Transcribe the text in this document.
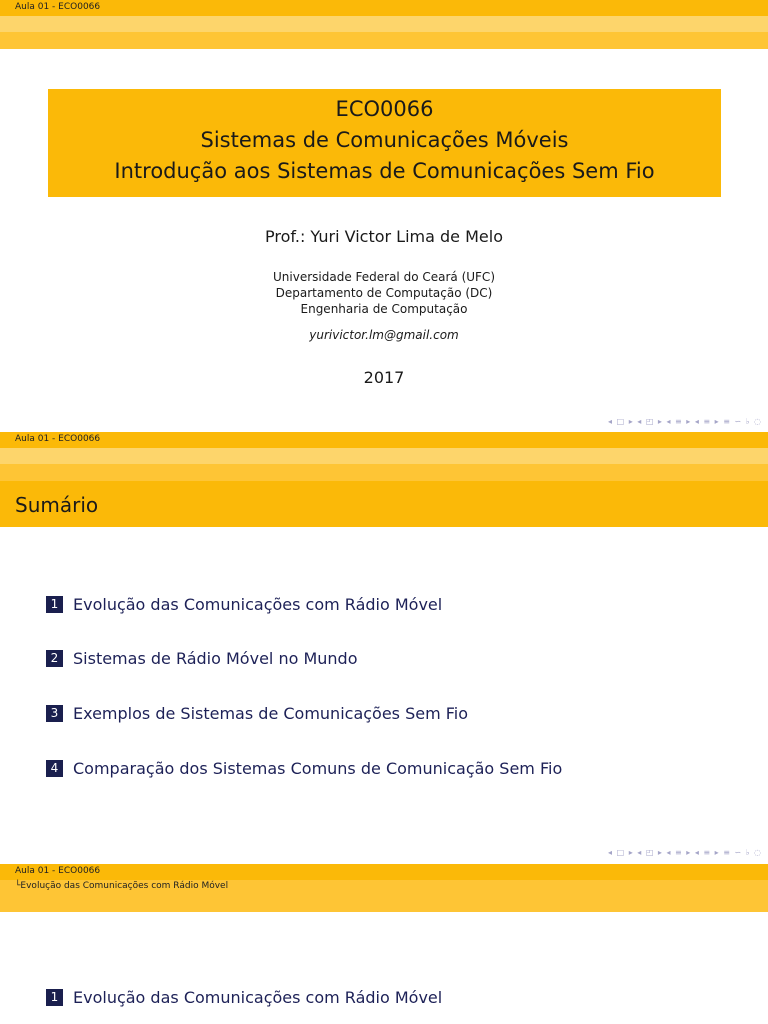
Aula 01 - ECO0066
ECO0066
Sistemas de Comunicações Móveis
Introdução aos Sistemas de Comunicações Sem Fio
Prof.: Yuri Victor Lima de Melo
Universidade Federal do Ceará (UFC)
Departamento de Computação (DC)
Engenharia de Computação
yurivictor.lm@gmail.com
2017
◂ □ ▸ ◂ ◰ ▸ ◂ ≡ ▸ ◂ ≡ ▸ ≡ ∽ ♭ ◌
Aula 01 - ECO0066
Sumário
1 Evolução das Comunicações com Rádio Móvel
2 Sistemas de Rádio Móvel no Mundo
3 Exemplos de Sistemas de Comunicações Sem Fio
4 Comparação dos Sistemas Comuns de Comunicação Sem Fio
◂ □ ▸ ◂ ◰ ▸ ◂ ≡ ▸ ◂ ≡ ▸ ≡ ∽ ♭ ◌
Aula 01 - ECO0066
└Evolução das Comunicações com Rádio Móvel
1 Evolução das Comunicações com Rádio Móvel
